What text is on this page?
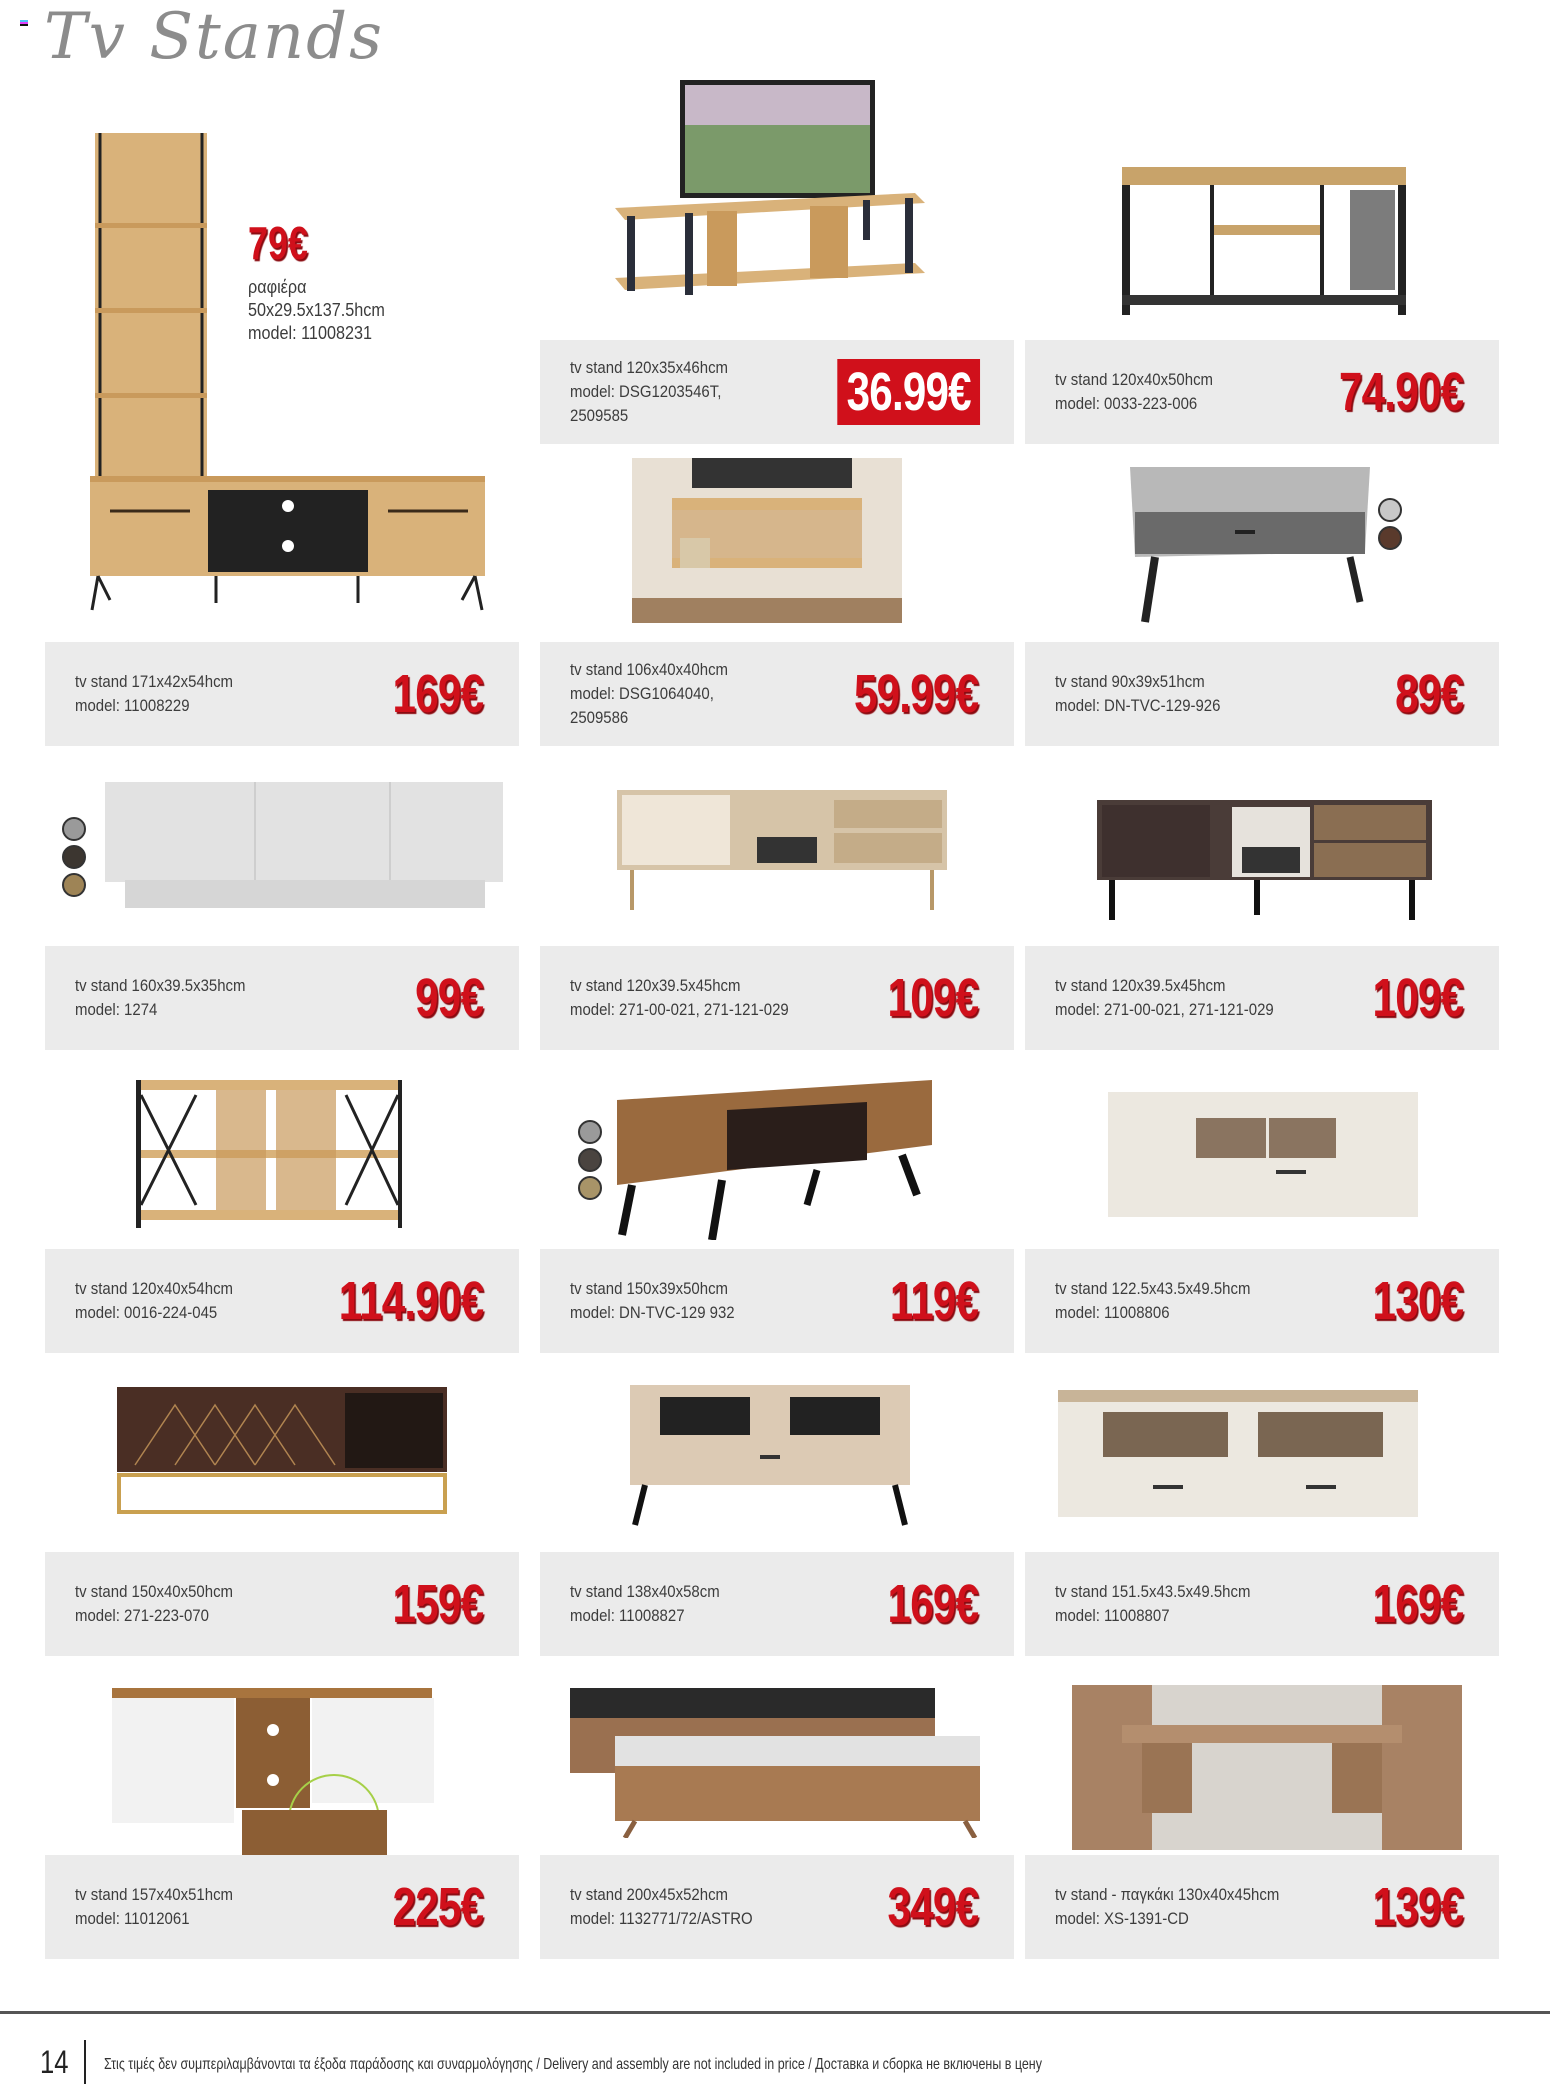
Tv Stands
79€
ραφιέρα
50x29.5x137.5hcm
model: 11008231
tv stand 120x35x46hcm
model: DSG1203546T,
2509585	36.99€	tv stand 120x40x50hcm
model: 0033-223-006	74.90€
tv stand 171x42x54hcm
model: 11008229	169€	tv stand 106x40x40hcm
model: DSG1064040,
2509586	59.99€	tv stand 90x39x51hcm
model: DN-TVC-129-926	89€
tv stand 160x39.5x35hcm
model: 1274	99€	tv stand 120x39.5x45hcm
model: 271-00-021, 271-121-029 109€	tv stand 120x39.5x45hcm
model: 271-00-021, 271-121-029 109€
tv stand 120x40x54hcm
model: 0016-224-045 114.90€	tv stand 150x39x50hcm
model: DN-TVC-129 932	119€	tv stand 122.5x43.5x49.5hcm
model: 11008806	130€
tv stand 150x40x50hcm
model: 271-223-070	159€	tv stand 138x40x58cm
model: 11008827	169€	tv stand 151.5x43.5x49.5hcm
model: 11008807	169€
tv stand 157x40x51hcm
model: 11012061	225€	tv stand 200x45x52hcm
model: 1132771/72/ASTRO 349€	tv stand - παγκάκι 130x40x45hcm
model: XS-1391-CD	139€
14 Στις τιμές δεν συμπεριλαμβάνονται τα έξοδα παράδοσης και συναρμολόγησης / Delivery and assembly are not included in price / Доставка и сборка не включены в цену
